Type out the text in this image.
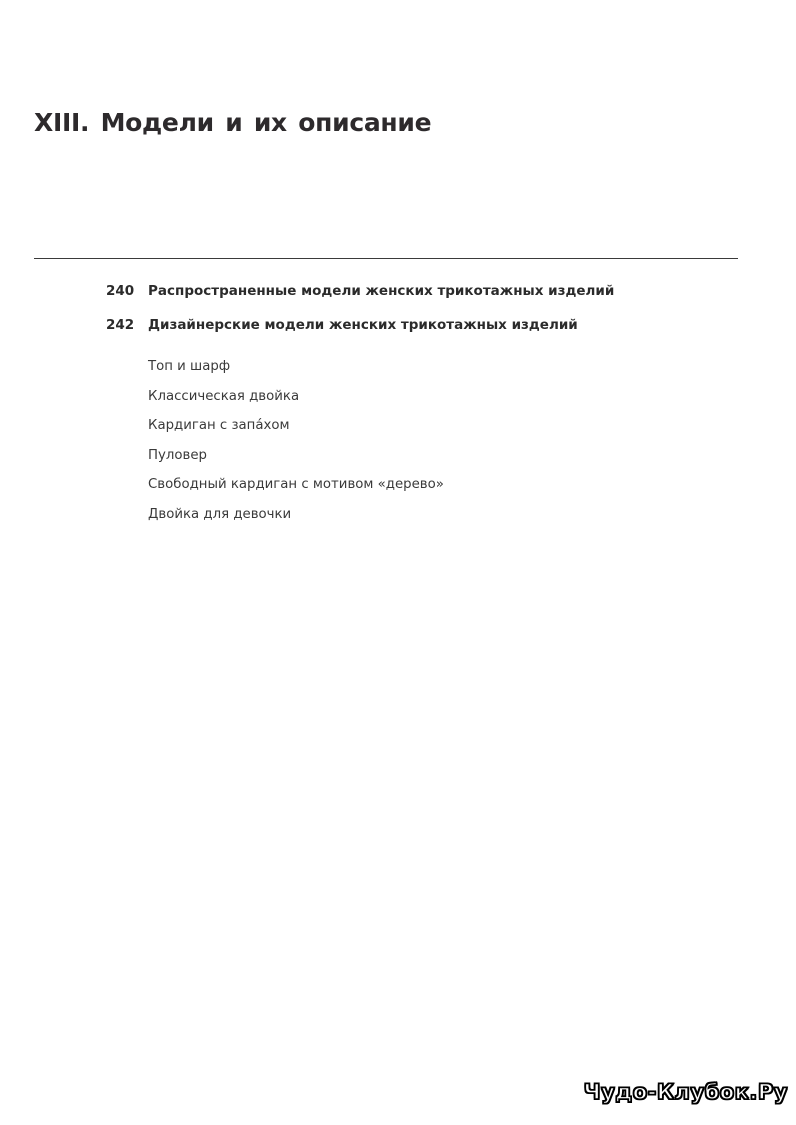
XIII. Модели и их описание
240 Распространенные модели женских трикотажных изделий
242 Дизайнерские модели женских трикотажных изделий
Топ и шарф
Классическая двойка
Кардиган с запáхом
Пуловер
Свободный кардиган с мотивом «дерево»
Двойка для девочки
Чудо-Клубок.Ру
